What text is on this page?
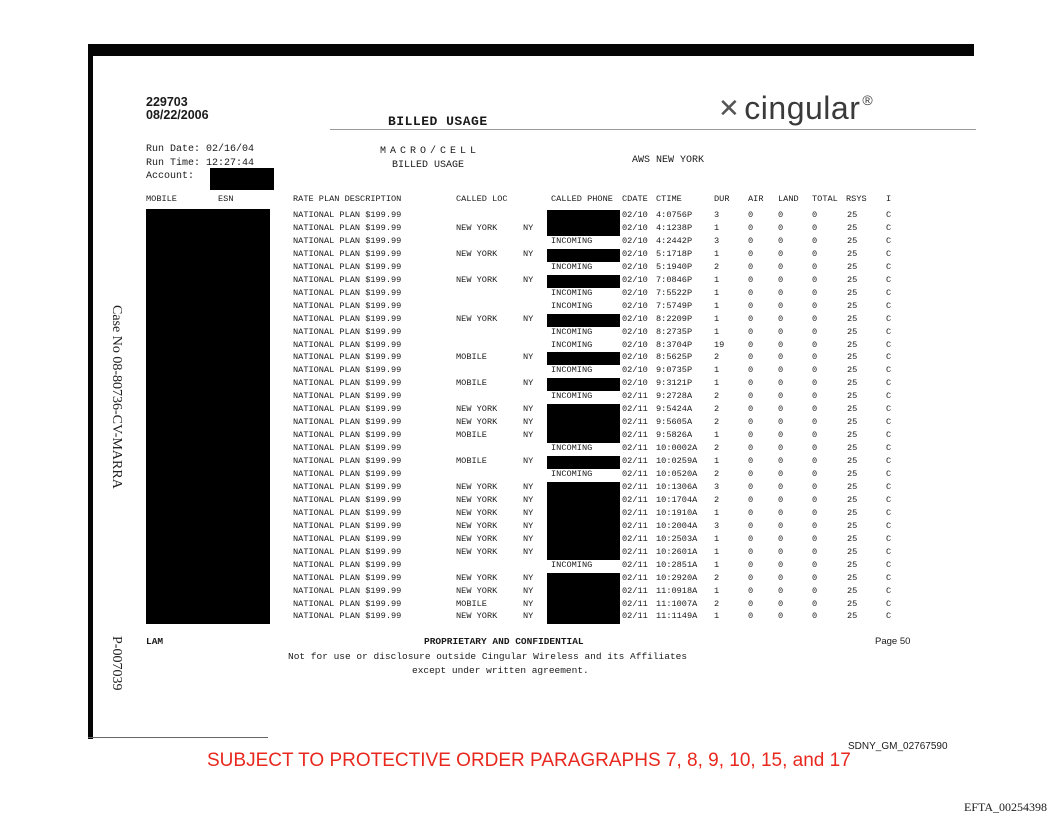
Case No 08-80736-CV-MARRA
P-007039
229703
08/22/2006	BILLED USAGE	✕ cingular ®
Run Date: 02/16/04
Run Time: 12:27:44
Account:
MACRO/CELL
BILLED USAGE	AWS NEW YORK
MOBILE	ESN	RATE PLAN DESCRIPTION	CALLED LOC	CALLED PHONE CDATE CTIME	DUR AIR LAND TOTAL RSYS I
NATIONAL PLAN $199.99	02/10 4:0756P	3	0	0	0	25	C
NATIONAL PLAN $199.99	NEW YORK	NY	02/10 4:1238P	1	0	0	0	25	C
NATIONAL PLAN $199.99	INCOMING	02/10 4:2442P	3	0	0	0	25	C
NATIONAL PLAN $199.99	NEW YORK	NY	02/10 5:1718P	1	0	0	0	25	C
NATIONAL PLAN $199.99	INCOMING	02/10 5:1940P	2	0	0	0	25	C
NATIONAL PLAN $199.99	NEW YORK	NY	02/10 7:0846P	1	0	0	0	25	C
NATIONAL PLAN $199.99	INCOMING	02/10 7:5522P	1	0	0	0	25	C
NATIONAL PLAN $199.99	INCOMING	02/10 7:5749P	1	0	0	0	25	C
NATIONAL PLAN $199.99	NEW YORK	NY	02/10 8:2209P	1	0	0	0	25	C
NATIONAL PLAN $199.99	INCOMING	02/10 8:2735P	1	0	0	0	25	C
NATIONAL PLAN $199.99	INCOMING	02/10 8:3704P	19	0	0	0	25	C
NATIONAL PLAN $199.99	MOBILE	NY	02/10 8:5625P	2	0	0	0	25	C
NATIONAL PLAN $199.99	INCOMING	02/10 9:0735P	1	0	0	0	25	C
NATIONAL PLAN $199.99	MOBILE	NY	02/10 9:3121P	1	0	0	0	25	C
NATIONAL PLAN $199.99	INCOMING	02/11 9:2728A	2	0	0	0	25	C
NATIONAL PLAN $199.99	NEW YORK	NY	02/11 9:5424A	2	0	0	0	25	C
NATIONAL PLAN $199.99	NEW YORK	NY	02/11 9:5605A	2	0	0	0	25	C
NATIONAL PLAN $199.99	MOBILE	NY	02/11 9:5826A	1	0	0	0	25	C
NATIONAL PLAN $199.99	INCOMING	02/11 10:0002A 2	0	0	0	25	C
NATIONAL PLAN $199.99	MOBILE	NY	02/11 10:0259A 1	0	0	0	25	C
NATIONAL PLAN $199.99	INCOMING	02/11 10:0520A 2	0	0	0	25	C
NATIONAL PLAN $199.99	NEW YORK	NY	02/11 10:1306A 3	0	0	0	25	C
NATIONAL PLAN $199.99	NEW YORK	NY	02/11 10:1704A 2	0	0	0	25	C
NATIONAL PLAN $199.99	NEW YORK	NY	02/11 10:1910A 1	0	0	0	25	C
NATIONAL PLAN $199.99	NEW YORK	NY	02/11 10:2004A 3	0	0	0	25	C
NATIONAL PLAN $199.99	NEW YORK	NY	02/11 10:2503A 1	0	0	0	25	C
NATIONAL PLAN $199.99	NEW YORK	NY	02/11 10:2601A 1	0	0	0	25	C
NATIONAL PLAN $199.99	INCOMING	02/11 10:2851A 1	0	0	0	25	C
NATIONAL PLAN $199.99	NEW YORK	NY	02/11 10:2920A 2	0	0	0	25	C
NATIONAL PLAN $199.99	NEW YORK	NY	02/11 11:0918A 1	0	0	0	25	C
NATIONAL PLAN $199.99	MOBILE	NY	02/11 11:1007A 2	0	0	0	25	C
NATIONAL PLAN $199.99	NEW YORK	NY	02/11 11:1149A 1	0	0	0	25	C
LAM	PROPRIETARY AND CONFIDENTIAL	Page 50
Not for use or disclosure outside Cingular Wireless and its Affiliates
except under written agreement.
SDNY_GM_02767590
SUBJECT TO PROTECTIVE ORDER PARAGRAPHS 7, 8, 9, 10, 15, and 17
EFTA_00254398
